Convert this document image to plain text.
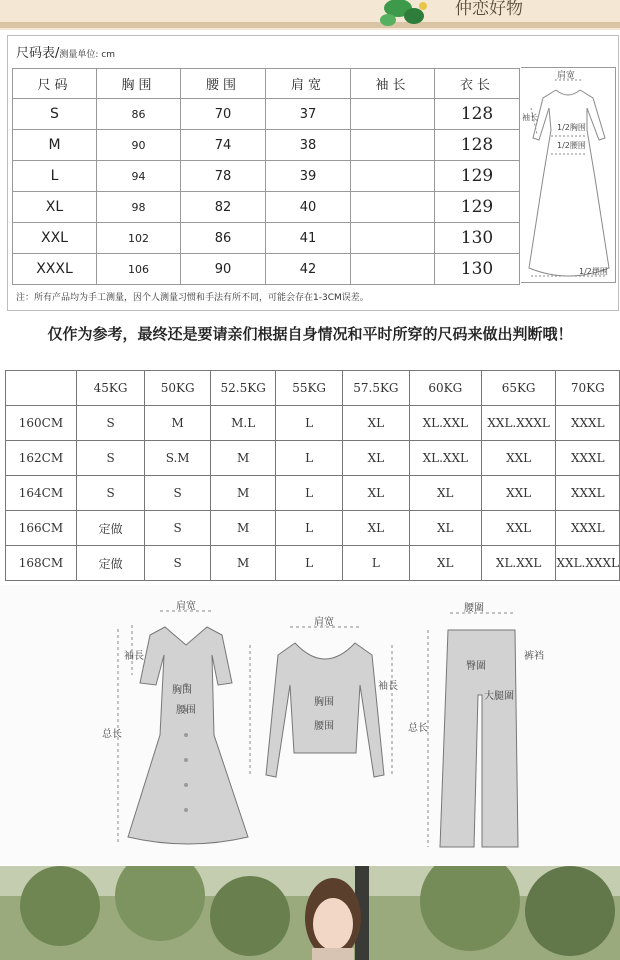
仲恋好物
尺码表/测量单位: cm
尺码	胸围	腰围	肩宽	袖长	衣长
S	86	70	37		128
M	90	74	38		128
L	94	78	39		129
XL	98	82	40		129
XXL	102	86	41		130
XXXL	106	90	42		130
肩宽
袖长
1/2胸围
1/2腰围
1/2摆围
注：所有产品均为手工测量，因个人测量习惯和手法有所不同，可能会存在1-3CM误差。
仅作为参考，最终还是要请亲们根据自身情况和平时所穿的尺码来做出判断哦！
	45KG	50KG	52.5KG	55KG	57.5KG	60KG	65KG	70KG
160CM	S	M	M.L	L	XL	XL.XXL	XXL.XXXL	XXXL
162CM	S	S.M	M	L	XL	XL.XXL	XXL	XXXL
164CM	S	S	M	L	XL	XL	XXL	XXXL
166CM	定做	S	M	L	XL	XL	XXL	XXXL
168CM	定做	S	M	L	L	XL	XL.XXL	XXL.XXXL
肩宽
袖長
胸围
腰围
总长
肩宽
袖長
胸围
腰围
腰圍
裤裆
臀圍
大腿圍
总长
